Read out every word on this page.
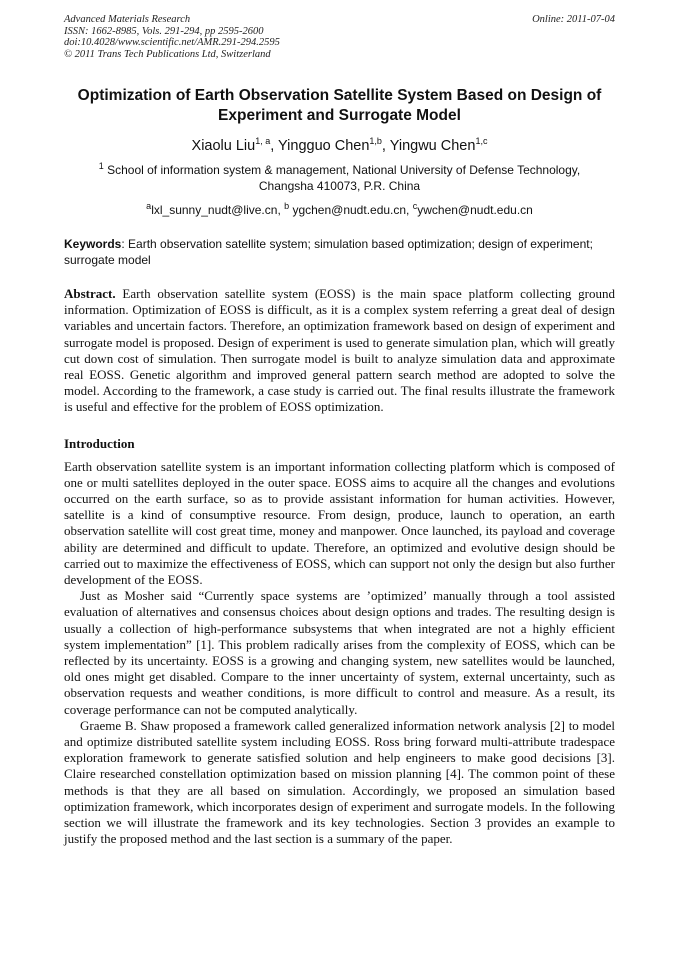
Advanced Materials Research
ISSN: 1662-8985, Vols. 291-294, pp 2595-2600
doi:10.4028/www.scientific.net/AMR.291-294.2595
© 2011 Trans Tech Publications Ltd, Switzerland
Online: 2011-07-04
Optimization of Earth Observation Satellite System Based on Design of Experiment and Surrogate Model
Xiaolu Liu$^{1, a}$, Yingguo Chen$^{1,b}$, Yingwu Chen$^{1,c}$
$^1$ School of information system & management, National University of Defense Technology,
Changsha 410073, P.R. China
$^a$lxl_sunny_nudt@live.cn, $^b$ ygchen@nudt.edu.cn, $^c$ywchen@nudt.edu.cn
Keywords: Earth observation satellite system; simulation based optimization; design of experiment; surrogate model
Abstract. Earth observation satellite system (EOSS) is the main space platform collecting ground information. Optimization of EOSS is difficult, as it is a complex system referring a great deal of design variables and uncertain factors. Therefore, an optimization framework based on design of experiment and surrogate model is proposed. Design of experiment is used to generate simulation plan, which will greatly cut down cost of simulation. Then surrogate model is built to analyze simulation data and approximate real EOSS. Genetic algorithm and improved general pattern search method are adopted to solve the model. According to the framework, a case study is carried out. The final results illustrate the framework is useful and effective for the problem of EOSS optimization.
Introduction

Earth observation satellite system is an important information collecting platform which is composed of one or multi satellites deployed in the outer space. EOSS aims to acquire all the changes and evolutions occurred on the earth surface, so as to provide assistant information for human activities. However, satellite is a kind of consumptive resource. From design, produce, launch to operation, an earth observation satellite will cost great time, money and manpower. Once launched, its payload and coverage ability are determined and difficult to update. Therefore, an optimized and evolutive design should be carried out to maximize the effectiveness of EOSS, which can support not only the design but also further development of the EOSS.

Just as Mosher said “Currently space systems are ’optimized’ manually through a tool assisted evaluation of alternatives and consensus choices about design options and trades. The resulting design is usually a collection of high-performance subsystems that when integrated are not a highly efficient system implementation” [1]. This problem radically arises from the complexity of EOSS, which can be reflected by its uncertainty. EOSS is a growing and changing system, new satellites would be launched, old ones might get disabled. Compare to the inner uncertainty of system, external uncertainty, such as observation requests and weather conditions, is more difficult to control and measure. As a result, its coverage performance can not be computed analytically.

Graeme B. Shaw proposed a framework called generalized information network analysis [2] to model and optimize distributed satellite system including EOSS. Ross bring forward multi-attribute tradespace exploration framework to generate satisfied solution and help engineers to make good decisions [3]. Claire researched constellation optimization based on mission planning [4]. The common point of these methods is that they are all based on simulation. Accordingly, we proposed an simulation based optimization framework, which incorporates design of experiment and surrogate models. In the following section we will illustrate the framework and its key technologies. Section 3 provides an example to justify the proposed method and the last section is a summary of the paper.
